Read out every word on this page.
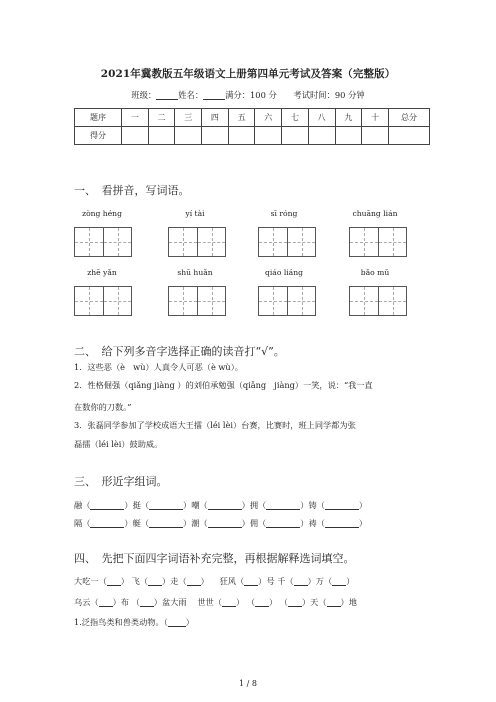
2021年冀教版五年级语文上册第四单元考试及答案（完整版）
班级：	姓名：	满分：100 分　　 考试时间：90 分钟
题序	一	二	三	四	五	六	七	八	九	十	总分
得分											
一、　看拼音，写词语。
zòng héng	yí tài	sī róng	chuāng lián
zhē yǎn	shū huǎn	qiáo liáng	bǎo mǔ
二、　给下列多音字选择正确的读音打“√”。
1．这些恶（è　wù）人真令人可恶（è wù）。
2．性格倔强（qiǎng jiàng ）的刘伯承勉强（qiǎng　jiàng）一笑，说：“我一直
在数你的刀数。”
3．张磊同学参加了学校成语大王擂（léi lèi）台赛，比赛时，班上同学都为张
磊擂（léi lèi）鼓助威。
三、　形近字组词。
融（	）挺（	）嘲（	）拥（	）铸（	）
隔（	）艇（	）潮（	）佣（	）祷（	）
四、　先把下面四字词语补充完整，再根据解释选词填空。
大吃一（ ） 飞（ ）走（ ） 　狂风（ ）号 千（ ）万（ ）
乌云（ ）布 （ ）盆大雨 　 世世（ ） （ ） （ ）天（ ）地
1.泛指鸟类和兽类动物。（ ）
1 / 8
